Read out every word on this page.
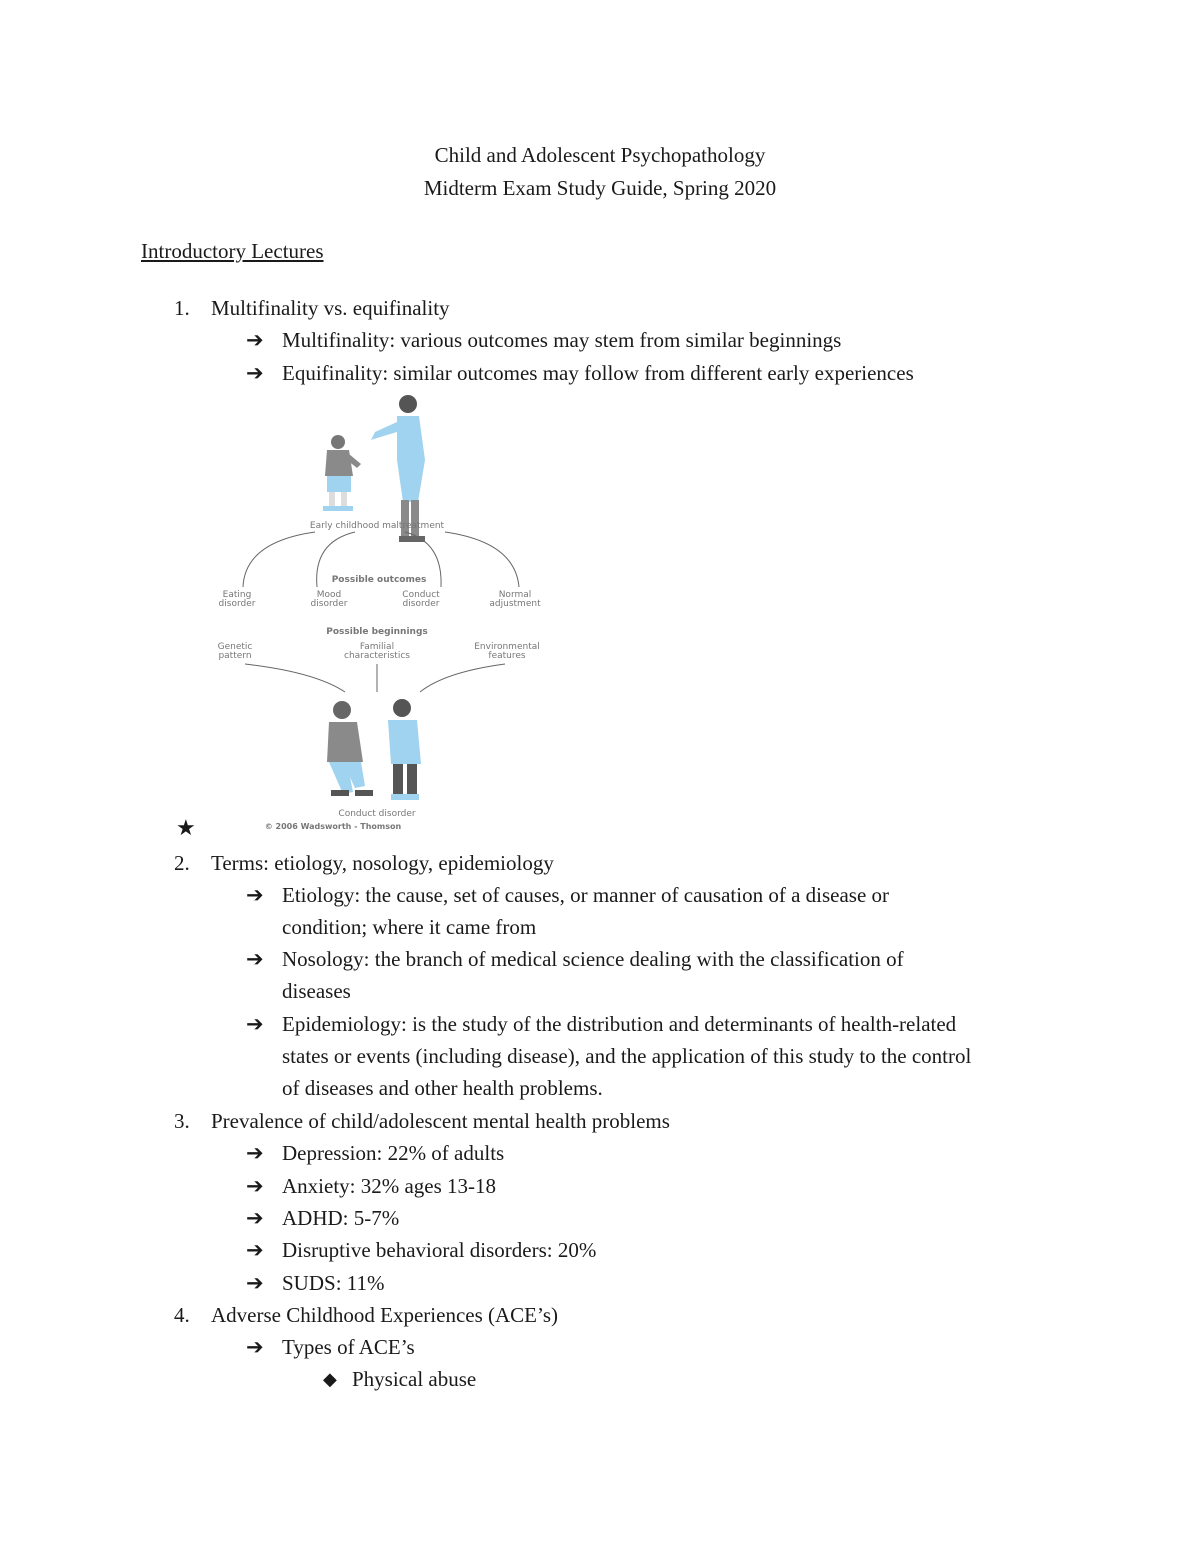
Child and Adolescent Psychopathology
Midterm Exam Study Guide, Spring 2020
Introductory Lectures
1. Multifinality vs. equifinality
➔ Multifinality: various outcomes may stem from similar beginnings
➔ Equifinality: similar outcomes may follow from different early experiences
Early childhood maltreatment
Possible outcomes
Eating
disorder
Mood
disorder
Conduct
disorder
Normal
adjustment
Possible beginnings
Genetic
pattern
Familial
characteristics
Environmental
features
Conduct disorder
© 2006 Wadsworth - Thomson
★
2. Terms: etiology, nosology, epidemiology
➔ Etiology: the cause, set of causes, or manner of causation of a disease or
condition; where it came from
➔ Nosology: the branch of medical science dealing with the classification of
diseases
➔ Epidemiology: is the study of the distribution and determinants of health-related
states or events (including disease), and the application of this study to the control
of diseases and other health problems.
3. Prevalence of child/adolescent mental health problems
➔ Depression: 22% of adults
➔ Anxiety: 32% ages 13-18
➔ ADHD: 5-7%
➔ Disruptive behavioral disorders: 20%
➔ SUDS: 11%
4. Adverse Childhood Experiences (ACE’s)
➔ Types of ACE’s
◆ Physical abuse
